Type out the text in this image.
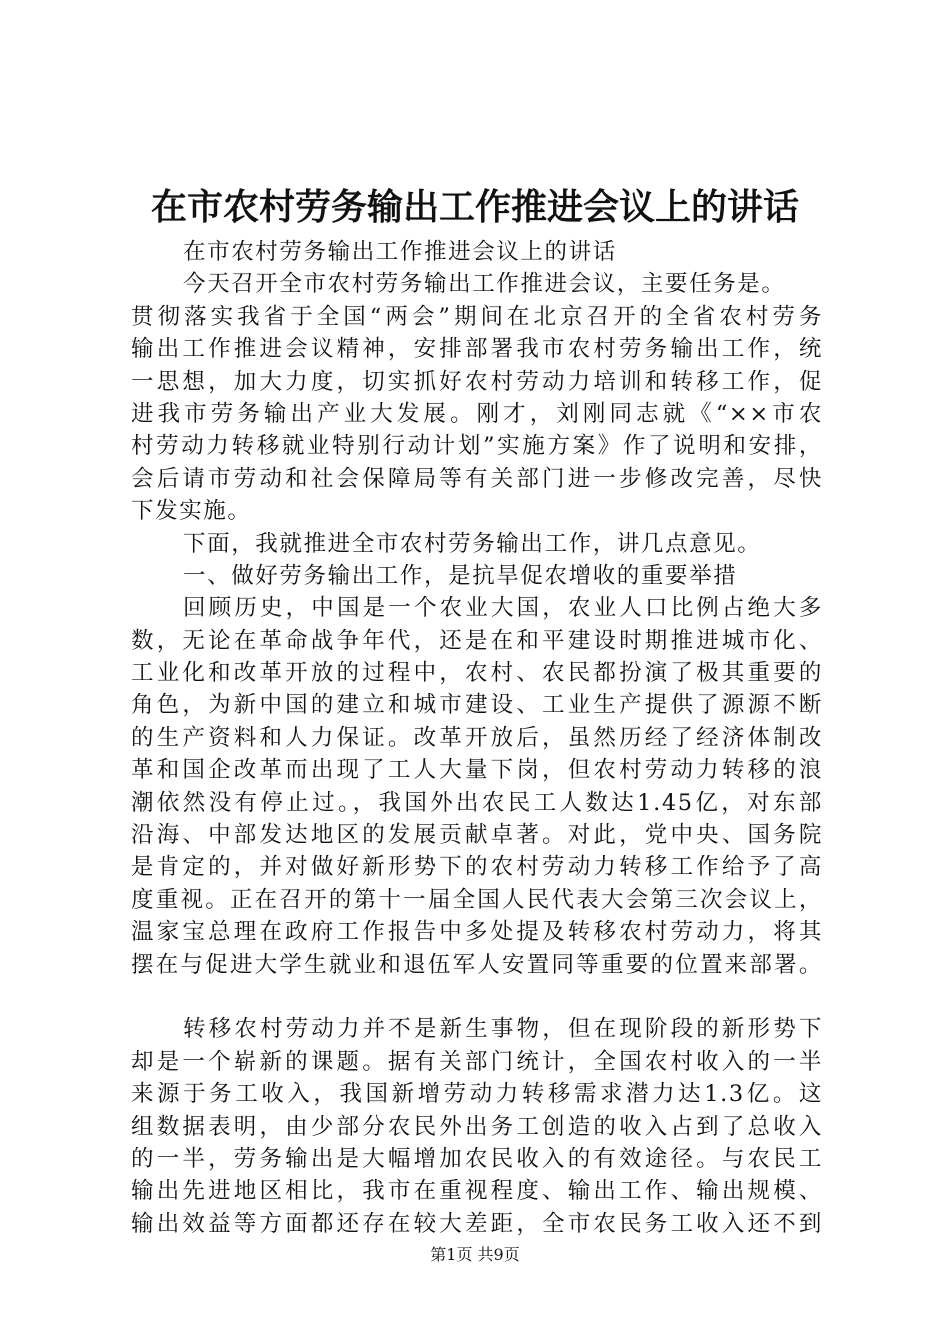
在市农村劳务输出工作推进会议上的讲话
在市农村劳务输出工作推进会议上的讲话
今天召开全市农村劳务输出工作推进会议，主要任务是。
贯彻落实我省于全国“两会”期间在北京召开的全省农村劳务
输出工作推进会议精神，安排部署我市农村劳务输出工作，统
一思想，加大力度，切实抓好农村劳动力培训和转移工作，促
进我市劳务输出产业大发展。刚才，刘刚同志就《“××市农
村劳动力转移就业特别行动计划”实施方案》作了说明和安排，
会后请市劳动和社会保障局等有关部门进一步修改完善，尽快
下发实施。
下面，我就推进全市农村劳务输出工作，讲几点意见。
一、做好劳务输出工作，是抗旱促农增收的重要举措
回顾历史，中国是一个农业大国，农业人口比例占绝大多
数，无论在革命战争年代，还是在和平建设时期推进城市化、
工业化和改革开放的过程中，农村、农民都扮演了极其重要的
角色，为新中国的建立和城市建设、工业生产提供了源源不断
的生产资料和人力保证。改革开放后，虽然历经了经济体制改
革和国企改革而出现了工人大量下岗，但农村劳动力转移的浪
潮依然没有停止过。，我国外出农民工人数达1.45亿，对东部
沿海、中部发达地区的发展贡献卓著。对此，党中央、国务院
是肯定的，并对做好新形势下的农村劳动力转移工作给予了高
度重视。正在召开的第十一届全国人民代表大会第三次会议上，
温家宝总理在政府工作报告中多处提及转移农村劳动力，将其
摆在与促进大学生就业和退伍军人安置同等重要的位置来部署。
转移农村劳动力并不是新生事物，但在现阶段的新形势下
却是一个崭新的课题。据有关部门统计，全国农村收入的一半
来源于务工收入，我国新增劳动力转移需求潜力达1.3亿。这
组数据表明，由少部分农民外出务工创造的收入占到了总收入
的一半，劳务输出是大幅增加农民收入的有效途径。与农民工
输出先进地区相比，我市在重视程度、输出工作、输出规模、
输出效益等方面都还存在较大差距，全市农民务工收入还不到
第1页 共9页
